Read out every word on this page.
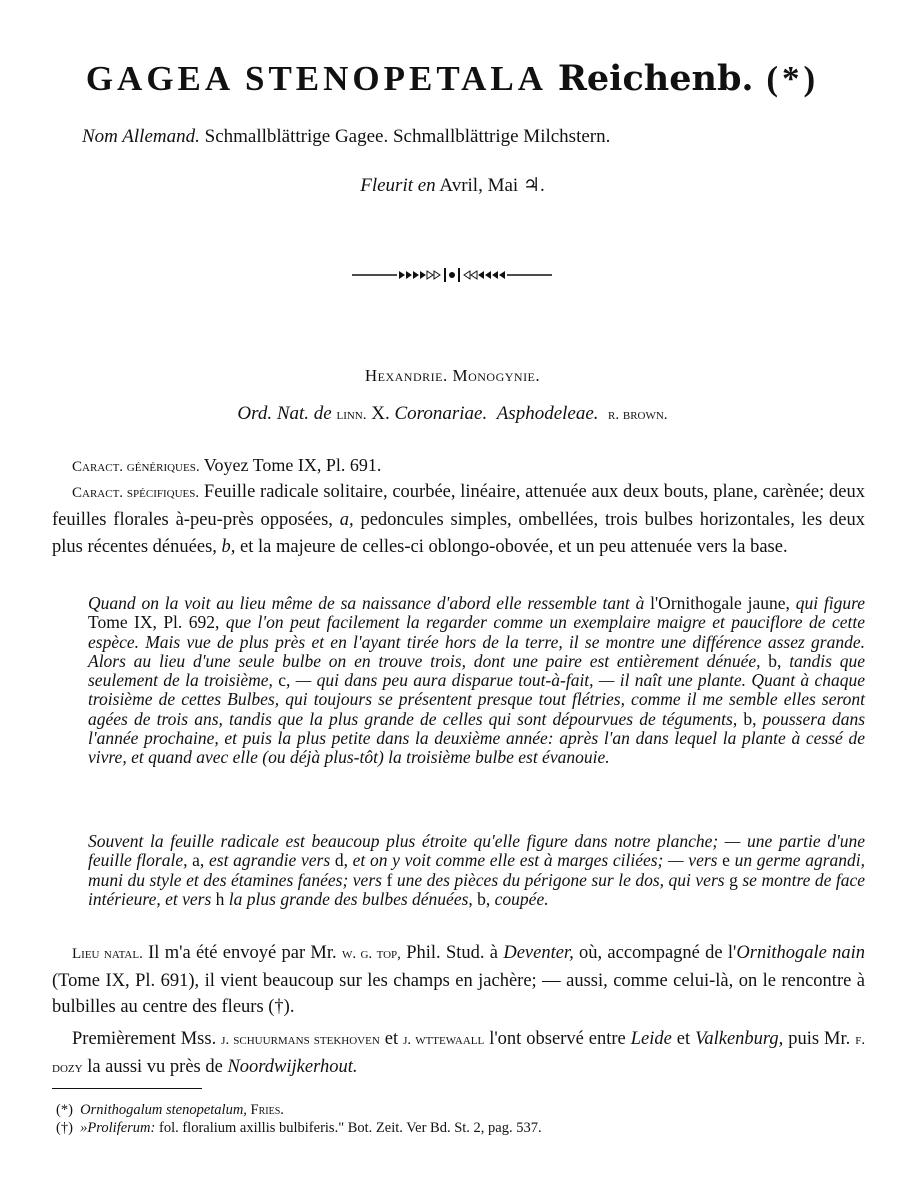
GAGEA STENOPETALA Reichenb. (*)
Nom Allemand. Schmallblättrige Gagee. Schmallblättrige Milchstern.
Fleurit en Avril, Mai ♃.
Hexandrie. Monogynie.
Ord. Nat. de linn. X. Coronariae. Asphodeleae. r. brown.
Caract. génériques. Voyez Tome IX, Pl. 691.
Caract. spécifiques. Feuille radicale solitaire, courbée, linéaire, attenuée aux deux bouts, plane, carènée; deux feuilles florales à-peu-près opposées, a, pedoncules simples, ombellées, trois bulbes horizontales, les deux plus récentes dénuées, b, et la majeure de celles-ci oblongo-obovée, et un peu attenuée vers la base.
Quand on la voit au lieu même de sa naissance d'abord elle ressemble tant à l'Ornithogale jaune, qui figure Tome IX, Pl. 692, que l'on peut facilement la regarder comme un exemplaire maigre et pauciflore de cette espèce. Mais vue de plus près et en l'ayant tirée hors de la terre, il se montre une différence assez grande. Alors au lieu d'une seule bulbe on en trouve trois, dont une paire est entièrement dénuée, b, tandis que seulement de la troisième, c, — qui dans peu aura disparue tout-à-fait, — il naît une plante. Quant à chaque troisième de cettes Bulbes, qui toujours se présentent presque tout flétries, comme il me semble elles seront agées de trois ans, tandis que la plus grande de celles qui sont dépourvues de téguments, b, poussera dans l'année prochaine, et puis la plus petite dans la deuxième année: après l'an dans lequel la plante à cessé de vivre, et quand avec elle (ou déjà plus-tôt) la troisième bulbe est évanouie.
Souvent la feuille radicale est beaucoup plus étroite qu'elle figure dans notre planche; — une partie d'une feuille florale, a, est agrandie vers d, et on y voit comme elle est à marges ciliées; — vers e un germe agrandi, muni du style et des étamines fanées; vers f une des pièces du périgone sur le dos, qui vers g se montre de face intérieure, et vers h la plus grande des bulbes dénuées, b, coupée.
Lieu natal. Il m'a été envoyé par Mr. w. g. top, Phil. Stud. à Deventer, où, accompagné de l'Ornithogale nain (Tome IX, Pl. 691), il vient beaucoup sur les champs en jachère; — aussi, comme celui-là, on le rencontre à bulbilles au centre des fleurs (†).
Premièrement Mss. j. schuurmans stekhoven et j. wttewaall l'ont observé entre Leide et Valkenburg, puis Mr. f. dozy la aussi vu près de Noordwijkerhout.
(*) Ornithogalum stenopetalum, Fries.
(†) »Proliferum: fol. floralium axillis bulbiferis." Bot. Zeit. Ver Bd. St. 2, pag. 537.
